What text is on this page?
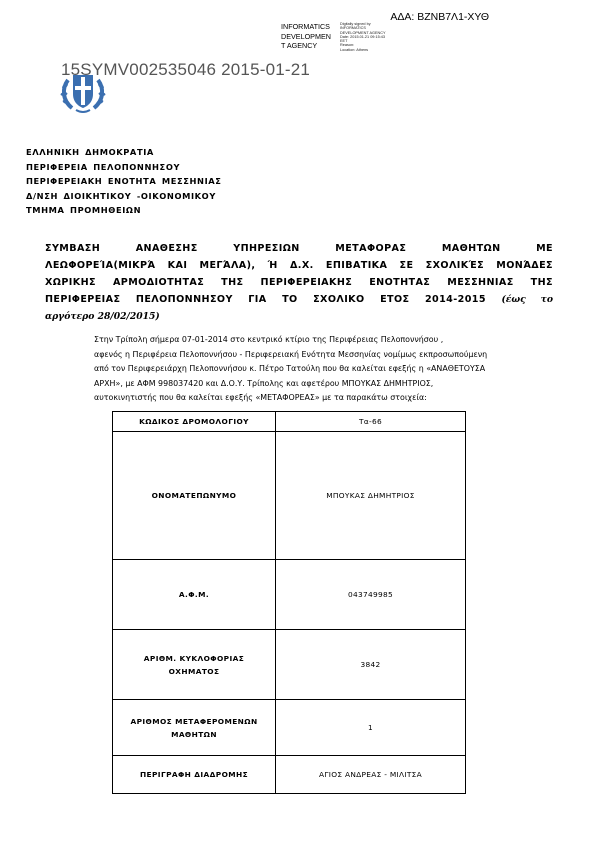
ΑΔΑ: ΒΖΝΒ7Λ1-ΧΥΘ
INFORMATICS
DEVELOPMEN
T AGENCY
Digitally signed by
INFORMATICS
DEVELOPMENT AGENCY
Date: 2015.01.21 09:15:43
EET
Reason:
Location: Athens
15SYMV002535046 2015-01-21
ΕΛΛΗΝΙΚΗ ΔΗΜΟΚΡΑΤΙΑ
ΠΕΡΙΦΕΡΕΙΑ ΠΕΛΟΠΟΝΝΗΣΟΥ
ΠΕΡΙΦΕΡΕΙΑΚΗ ΕΝΟΤΗΤΑ ΜΕΣΣΗΝΙΑΣ
Δ/ΝΣΗ ΔΙΟΙΚΗΤΙΚΟΥ -ΟΙΚΟΝΟΜΙΚΟΥ
ΤΜΗΜΑ ΠΡΟΜΗΘΕΙΩΝ
ΣΥΜΒΑΣΗ ΑΝΑΘΕΣΗΣ ΥΠΗΡΕΣΙΩΝ ΜΕΤΑΦΟΡΑΣ ΜΑΘΗΤΩΝ ΜΕ
ΛΕΩΦΟΡΕΊΑ(ΜΙΚΡΆ ΚΑΙ ΜΕΓΆΛΑ), Ή Δ.Χ. ΕΠΙΒΑΤΙΚΑ ΣΕ ΣΧΟΛΙΚΈΣ ΜΟΝΆΔΕΣ
ΧΩΡΙΚΗΣ ΑΡΜΟΔΙΟΤΗΤΑΣ ΤΗΣ ΠΕΡΙΦΕΡΕΙΑΚΗΣ ΕΝΟΤΗΤΑΣ ΜΕΣΣΗΝΙΑΣ ΤΗΣ
ΠΕΡΙΦΕΡΕΙΑΣ ΠΕΛΟΠΟΝΝΗΣΟΥ ΓΙΑ ΤΟ ΣΧΟΛΙΚΟ ΕΤΟΣ 2014-2015 (έως το
αργότερο 28/02/2015)
Στην Τρίπολη σήμερα 07-01-2014 στο κεντρικό κτίριο της Περιφέρειας Πελοποννήσου ,
αφενός η Περιφέρεια Πελοποννήσου - Περιφερειακή Ενότητα Μεσσηνίας νομίμως εκπροσωπούμενη
από τον Περιφερειάρχη Πελοποννήσου κ. Πέτρο Τατούλη που θα καλείται εφεξής η «ΑΝΑΘΕΤΟΥΣΑ
ΑΡΧΗ», με ΑΦΜ 998037420 και Δ.Ο.Υ. Τρίπολης και αφετέρου ΜΠΟΥΚΑΣ ΔΗΜΗΤΡΙΟΣ,
αυτοκινητιστής που θα καλείται εφεξής «ΜΕΤΑΦΟΡΕΑΣ» με τα παρακάτω στοιχεία:
ΚΩΔΙΚΟΣ ΔΡΟΜΟΛΟΓΙΟΥ	Τα-66
ΟΝΟΜΑΤΕΠΩΝΥΜΟ	ΜΠΟΥΚΑΣ ΔΗΜΗΤΡΙΟΣ
Α.Φ.Μ.	043749985
ΑΡΙΘΜ. ΚΥΚΛΟΦΟΡΙΑΣ ΟΧΗΜΑΤΟΣ	3842
ΑΡΙΘΜΟΣ ΜΕΤΑΦΕΡΟΜΕΝΩΝ ΜΑΘΗΤΩΝ	1
ΠΕΡΙΓΡΑΦΗ ΔΙΑΔΡΟΜΗΣ	ΑΓΙΟΣ ΑΝΔΡΕΑΣ - ΜΙΛΙΤΣΑ
